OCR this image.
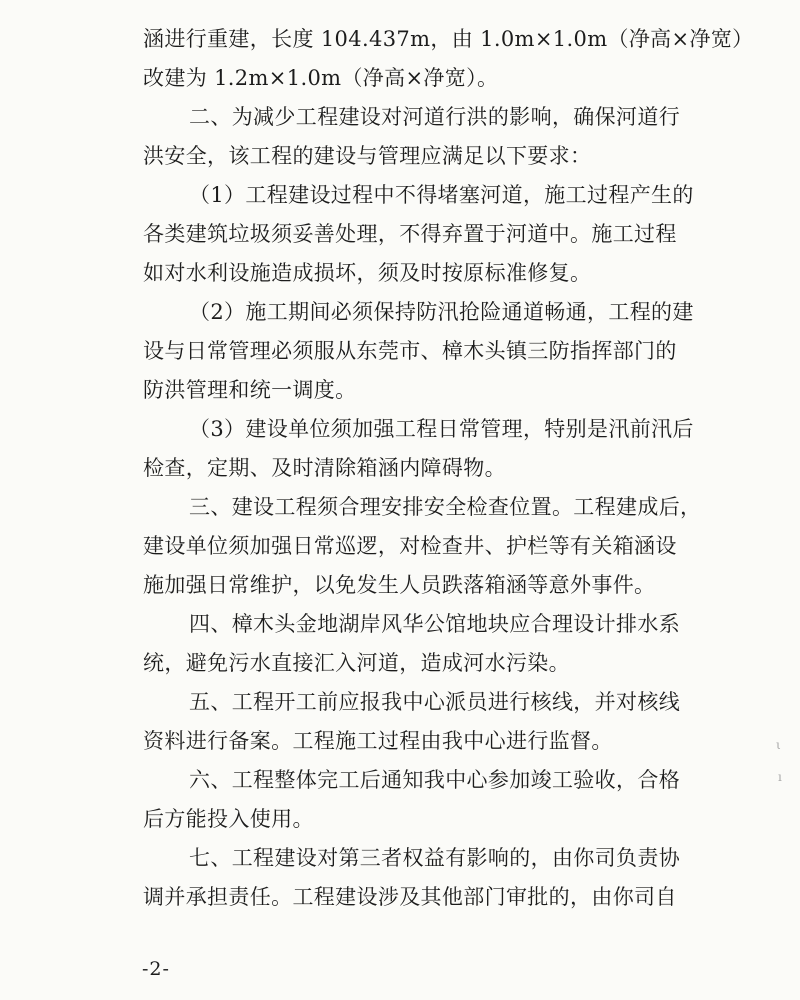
涵进行重建，长度 104.437m，由 1.0m×1.0m（净高×净宽）
改建为 1.2m×1.0m（净高×净宽）。

二、为减少工程建设对河道行洪的影响，确保河道行
洪安全，该工程的建设与管理应满足以下要求：

（1）工程建设过程中不得堵塞河道，施工过程产生的
各类建筑垃圾须妥善处理，不得弃置于河道中。施工过程
如对水利设施造成损坏，须及时按原标准修复。

（2）施工期间必须保持防汛抢险通道畅通，工程的建
设与日常管理必须服从东莞市、樟木头镇三防指挥部门的
防洪管理和统一调度。

（3）建设单位须加强工程日常管理，特别是汛前汛后
检查，定期、及时清除箱涵内障碍物。

三、建设工程须合理安排安全检查位置。工程建成后，
建设单位须加强日常巡逻，对检查井、护栏等有关箱涵设
施加强日常维护，以免发生人员跌落箱涵等意外事件。

四、樟木头金地湖岸风华公馆地块应合理设计排水系
统，避免污水直接汇入河道，造成河水污染。

五、工程开工前应报我中心派员进行核线，并对核线
资料进行备案。工程施工过程由我中心进行监督。

六、工程整体完工后通知我中心参加竣工验收，合格
后方能投入使用。

七、工程建设对第三者权益有影响的，由你司负责协
调并承担责任。工程建设涉及其他部门审批的，由你司自

-2-
ι
ı
